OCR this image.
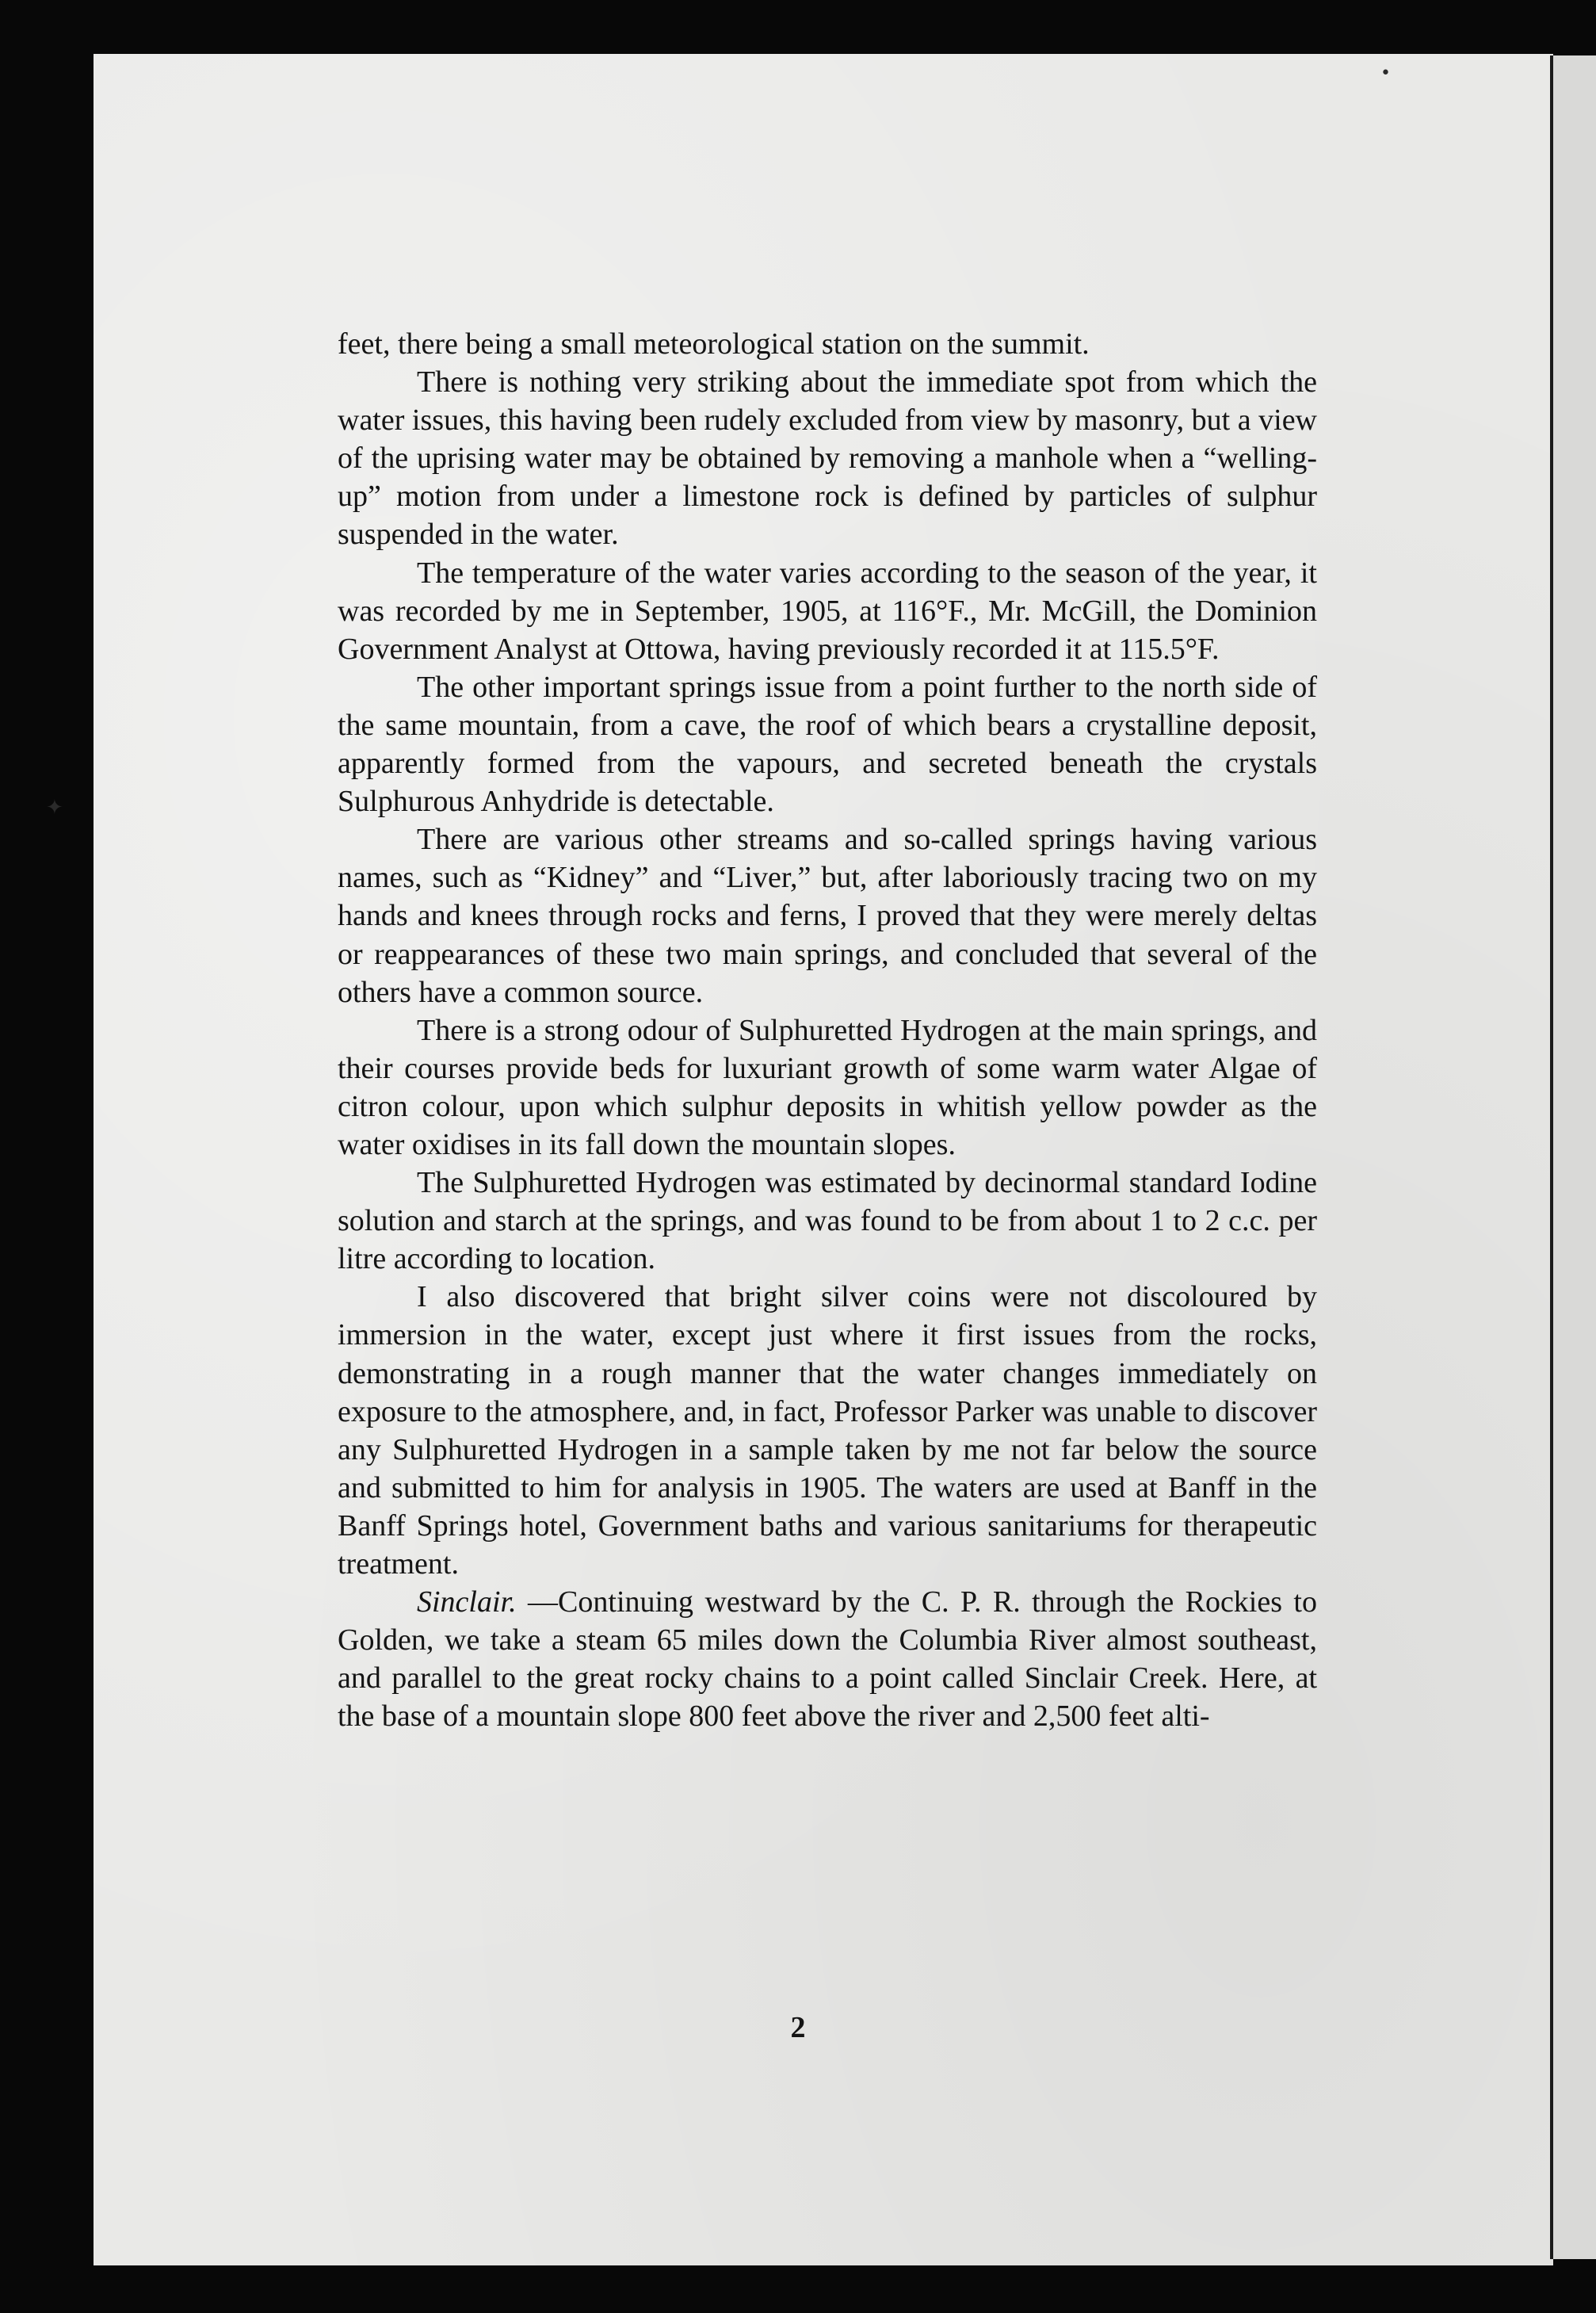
✦
•

feet, there being a small meteorological station on the summit.

There is nothing very striking about the immediate spot from which the water issues, this having been rudely excluded from view by masonry, but a view of the uprising water may be obtained by removing a manhole when a “welling-up” motion from under a limestone rock is defined by particles of sulphur suspended in the water.

The temperature of the water varies according to the season of the year, it was recorded by me in September, 1905, at 116°F., Mr. McGill, the Dominion Government Analyst at Ottowa, having previously recorded it at 115.5°F.

The other important springs issue from a point further to the north side of the same mountain, from a cave, the roof of which bears a crystalline deposit, apparently formed from the vapours, and secreted beneath the crystals Sulphurous Anhydride is detectable.

There are various other streams and so-called springs having various names, such as “Kidney” and “Liver,” but, after laboriously tracing two on my hands and knees through rocks and ferns, I proved that they were merely deltas or reappearances of these two main springs, and concluded that several of the others have a common source.

There is a strong odour of Sulphuretted Hydrogen at the main springs, and their courses provide beds for luxuriant growth of some warm water Algae of citron colour, upon which sulphur deposits in whitish yellow powder as the water oxidises in its fall down the mountain slopes.

The Sulphuretted Hydrogen was estimated by decinormal standard Iodine solution and starch at the springs, and was found to be from about 1 to 2 c.c. per litre according to location.

I also discovered that bright silver coins were not discoloured by immersion in the water, except just where it first issues from the rocks, demonstrating in a rough manner that the water changes immediately on exposure to the atmosphere, and, in fact, Professor Parker was unable to discover any Sulphuretted Hydrogen in a sample taken by me not far below the source and submitted to him for analysis in 1905. The waters are used at Banff in the Banff Springs hotel, Government baths and various sanitariums for therapeutic treatment.

Sinclair. —Continuing westward by the C. P. R. through the Rockies to Golden, we take a steam 65 miles down the Columbia River almost southeast, and parallel to the great rocky chains to a point called Sinclair Creek. Here, at the base of a mountain slope 800 feet above the river and 2,500 feet alti-

2
